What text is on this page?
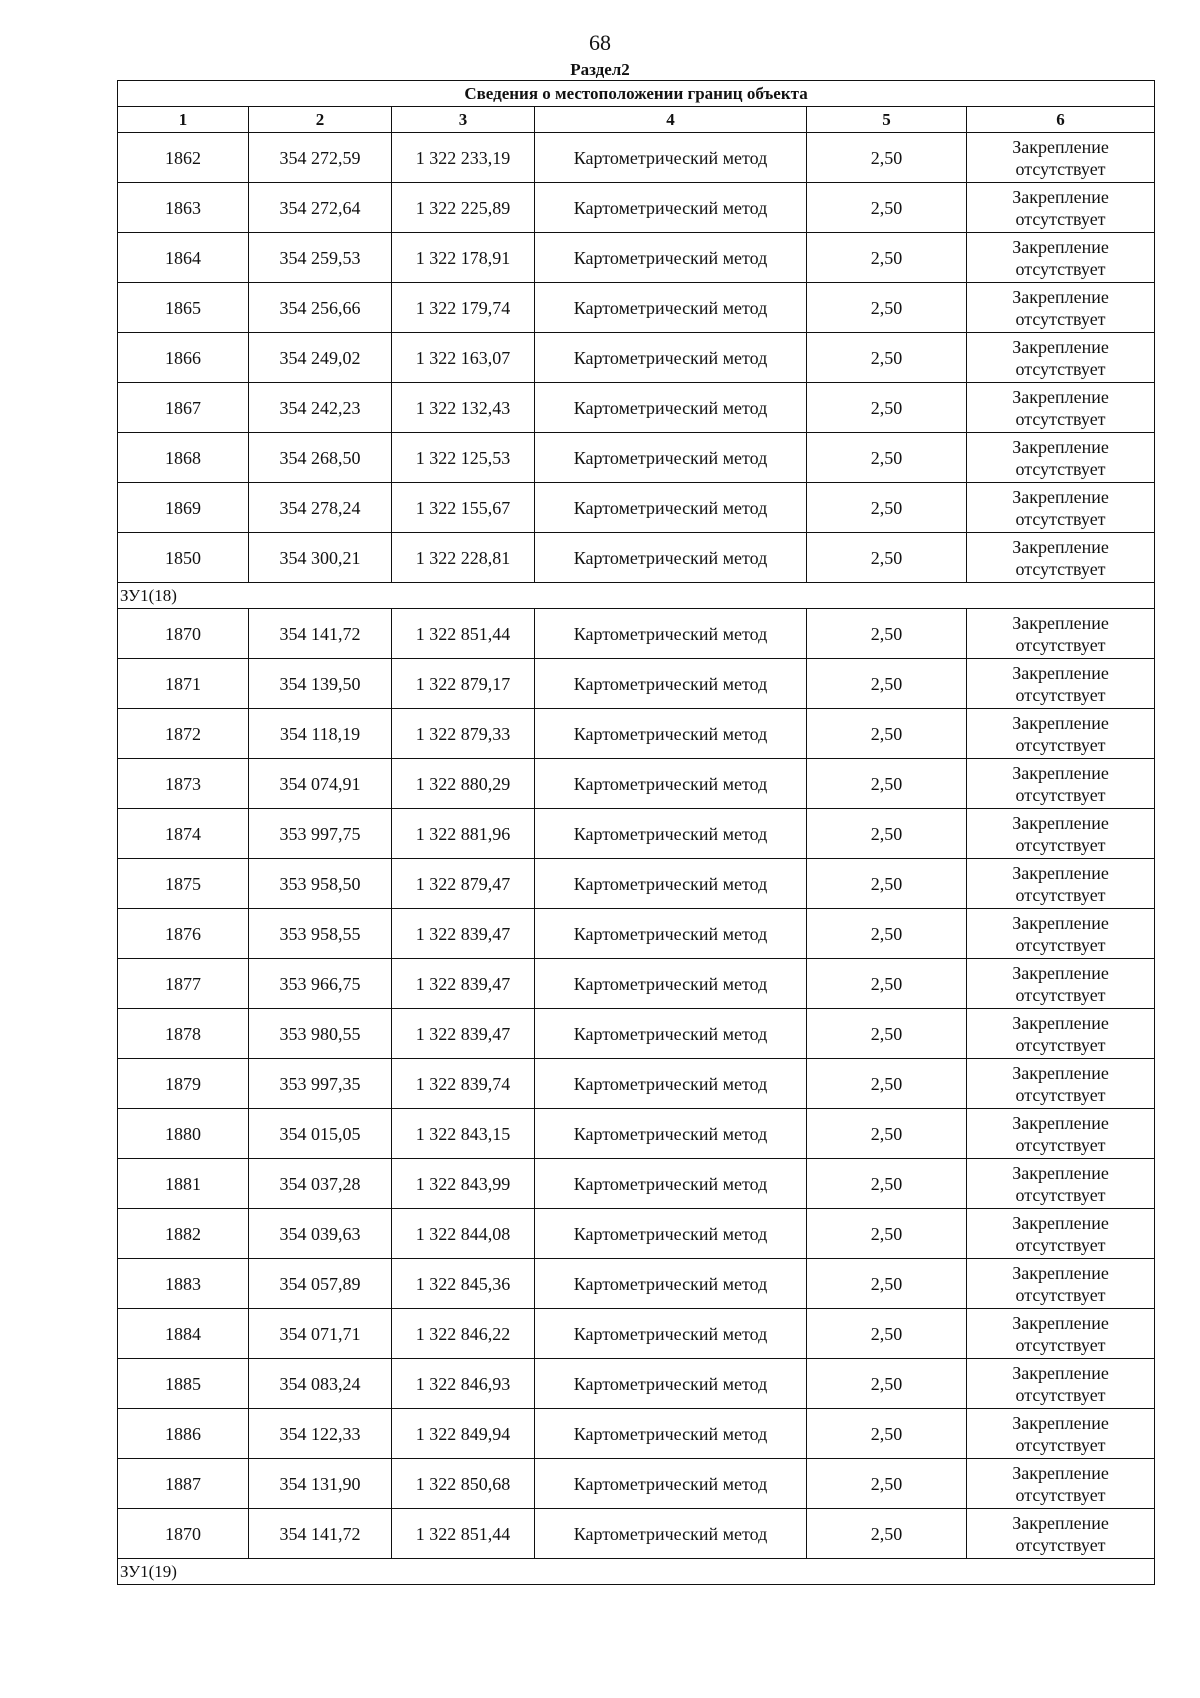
68
Раздел2
Сведения о местоположении границ объекта					
1	2	3	4	5	6
1862	354 272,59	1 322 233,19	Картометрический метод	2,50	Закрепление
отсутствует

1863	354 272,64	1 322 225,89	Картометрический метод	2,50	Закрепление
отсутствует

1864	354 259,53	1 322 178,91	Картометрический метод	2,50	Закрепление
отсутствует

1865	354 256,66	1 322 179,74	Картометрический метод	2,50	Закрепление
отсутствует

1866	354 249,02	1 322 163,07	Картометрический метод	2,50	Закрепление
отсутствует

1867	354 242,23	1 322 132,43	Картометрический метод	2,50	Закрепление
отсутствует

1868	354 268,50	1 322 125,53	Картометрический метод	2,50	Закрепление
отсутствует

1869	354 278,24	1 322 155,67	Картометрический метод	2,50	Закрепление
отсутствует

1850	354 300,21	1 322 228,81	Картометрический метод	2,50	Закрепление
отсутствует

ЗУ1(18)					
1870	354 141,72	1 322 851,44	Картометрический метод	2,50	Закрепление
отсутствует

1871	354 139,50	1 322 879,17	Картометрический метод	2,50	Закрепление
отсутствует

1872	354 118,19	1 322 879,33	Картометрический метод	2,50	Закрепление
отсутствует

1873	354 074,91	1 322 880,29	Картометрический метод	2,50	Закрепление
отсутствует

1874	353 997,75	1 322 881,96	Картометрический метод	2,50	Закрепление
отсутствует

1875	353 958,50	1 322 879,47	Картометрический метод	2,50	Закрепление
отсутствует

1876	353 958,55	1 322 839,47	Картометрический метод	2,50	Закрепление
отсутствует

1877	353 966,75	1 322 839,47	Картометрический метод	2,50	Закрепление
отсутствует

1878	353 980,55	1 322 839,47	Картометрический метод	2,50	Закрепление
отсутствует

1879	353 997,35	1 322 839,74	Картометрический метод	2,50	Закрепление
отсутствует

1880	354 015,05	1 322 843,15	Картометрический метод	2,50	Закрепление
отсутствует

1881	354 037,28	1 322 843,99	Картометрический метод	2,50	Закрепление
отсутствует

1882	354 039,63	1 322 844,08	Картометрический метод	2,50	Закрепление
отсутствует

1883	354 057,89	1 322 845,36	Картометрический метод	2,50	Закрепление
отсутствует

1884	354 071,71	1 322 846,22	Картометрический метод	2,50	Закрепление
отсутствует

1885	354 083,24	1 322 846,93	Картометрический метод	2,50	Закрепление
отсутствует

1886	354 122,33	1 322 849,94	Картометрический метод	2,50	Закрепление
отсутствует

1887	354 131,90	1 322 850,68	Картометрический метод	2,50	Закрепление
отсутствует

1870	354 141,72	1 322 851,44	Картометрический метод	2,50	Закрепление
отсутствует

ЗУ1(19)					
